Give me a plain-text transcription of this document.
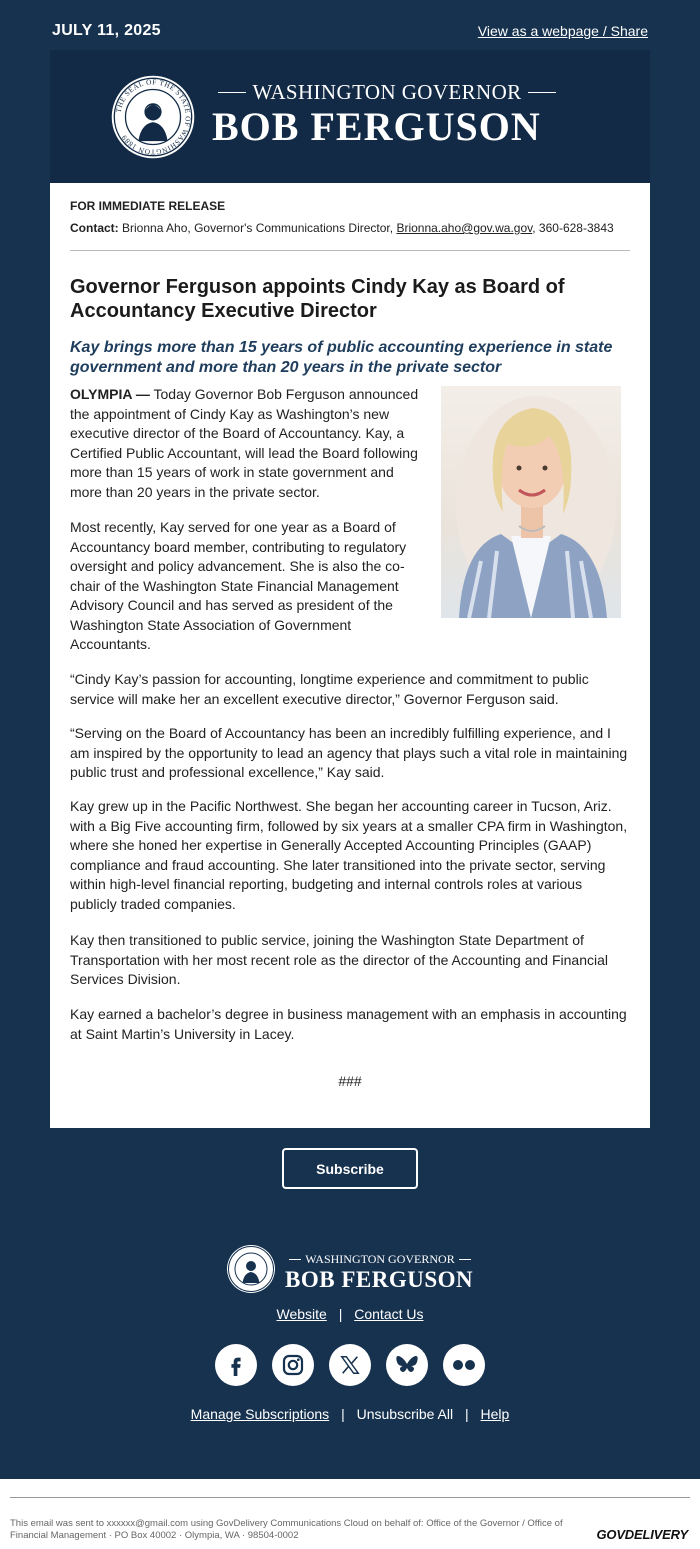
JULY 11, 2025	View as a webpage / Share
THE SEAL OF THE STATE OF WASHINGTON 1889
WASHINGTON GOVERNOR
BOB FERGUSON
FOR IMMEDIATE RELEASE
Contact: Brionna Aho, Governor's Communications Director, Brionna.aho@gov.wa.gov, 360-628-3843
Governor Ferguson appoints Cindy Kay as Board of Accountancy Executive Director
Kay brings more than 15 years of public accounting experience in state government and more than 20 years in the private sector
OLYMPIA — Today Governor Bob Ferguson announced the appointment of Cindy Kay as Washington’s new executive director of the Board of Accountancy. Kay, a Certified Public Accountant, will lead the Board following more than 15 years of work in state government and more than 20 years in the private sector.
Most recently, Kay served for one year as a Board of Accountancy board member, contributing to regulatory oversight and policy advancement. She is also the co-chair of the Washington State Financial Management Advisory Council and has served as president of the Washington State Association of Government Accountants.
“Cindy Kay’s passion for accounting, longtime experience and commitment to public service will make her an excellent executive director,” Governor Ferguson said.
“Serving on the Board of Accountancy has been an incredibly fulfilling experience, and I am inspired by the opportunity to lead an agency that plays such a vital role in maintaining public trust and professional excellence,” Kay said.
Kay grew up in the Pacific Northwest. She began her accounting career in Tucson, Ariz. with a Big Five accounting firm, followed by six years at a smaller CPA firm in Washington, where she honed her expertise in Generally Accepted Accounting Principles (GAAP) compliance and fraud accounting. She later transitioned into the private sector, serving within high-level financial reporting, budgeting and internal controls roles at various publicly traded companies.
Kay then transitioned to public service, joining the Washington State Department of Transportation with her most recent role as the director of the Accounting and Financial Services Division.
Kay earned a bachelor’s degree in business management with an emphasis in accounting at Saint Martin’s University in Lacey.
###
Subscribe
WASHINGTON GOVERNOR
BOB FERGUSON
Website | Contact Us
Manage Subscriptions | Unsubscribe All | Help
This email was sent to xxxxxx@gmail.com using GovDelivery Communications Cloud on behalf of: Office of the Governor / Office of Financial Management · PO Box 40002 · Olympia, WA · 98504-0002	GOVDELIVERY
